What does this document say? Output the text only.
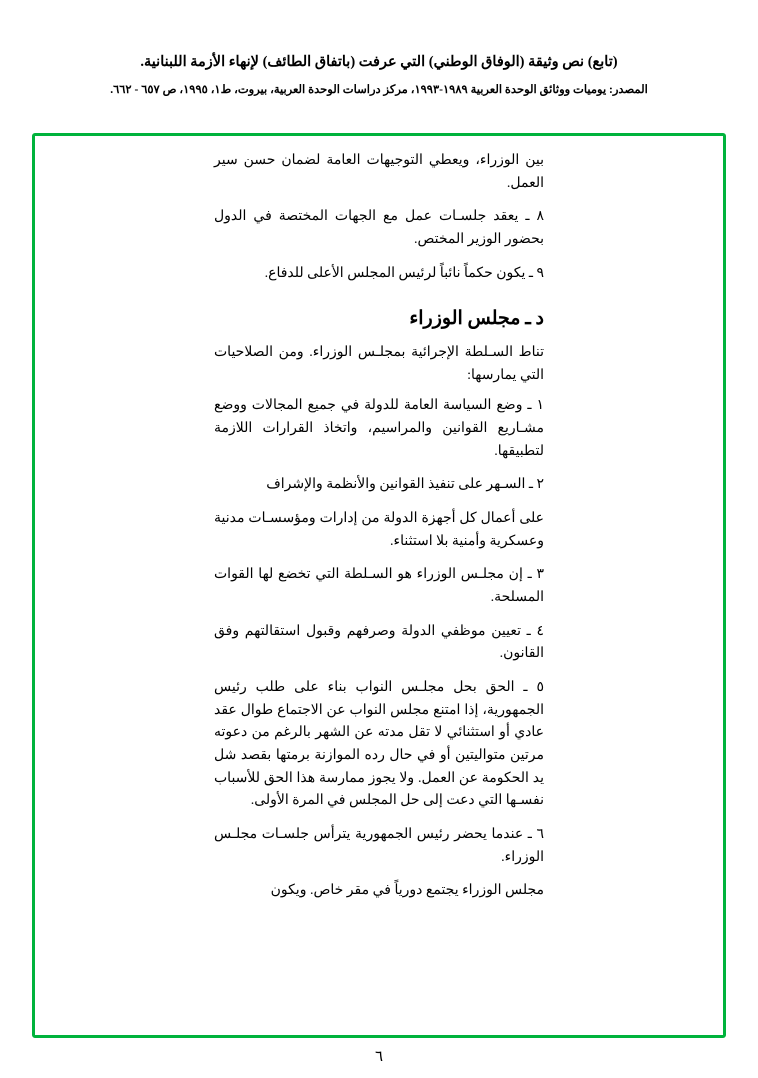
(تابع) نص وثيقة (الوفاق الوطني) التي عرفت (باتفاق الطائف) لإنهاء الأزمة اللبنانية.
المصدر: يوميات ووثائق الوحدة العربية ١٩٨٩-١٩٩٣، مركز دراسات الوحدة العربية، بيروت، ط١، ١٩٩٥، ص ٦٥٧ - ٦٦٢.

بين الوزراء، ويعطي التوجيهات العامة لضمان حسن سير العمل.

٨ ـ يعقد جلسـات عمل مع الجهات المختصة في الدول بحضور الوزير المختص.

٩ ـ يكون حكماً نائباً لرئيس المجلس الأعلى للدفاع.

د ـ مجلس الوزراء

تناط السـلطة الإجرائية بمجلـس الوزراء. ومن الصلاحيات التي يمارسها:

١ ـ وضع السياسة العامة للدولة في جميع المجالات ووضع مشـاريع القوانين والمراسيم، واتخاذ القرارات اللازمة لتطبيقها.

٢ ـ السـهر على تنفيذ القوانين والأنظمة والإشراف

على أعمال كل أجهزة الدولة من إدارات ومؤسسـات مدنية وعسكرية وأمنية بلا استثناء.

٣ ـ إن مجلـس الوزراء هو السـلطة التي تخضع لها القوات المسلحة.

٤ ـ تعيين موظفي الدولة وصرفهم وقبول استقالتهم وفق القانون.

٥ ـ الحق بحل مجلـس النواب بناء على طلب رئيس الجمهورية، إذا امتنع مجلس النواب عن الاجتماع طوال عقد عادي أو استثنائي لا تقل مدته عن الشهر بالرغم من دعوته مرتين متواليتين أو في حال رده الموازنة برمتها بقصد شل يد الحكومة عن العمل. ولا يجوز ممارسة هذا الحق للأسباب نفسـها التي دعت إلى حل المجلس في المرة الأولى.

٦ ـ عندما يحضر رئيس الجمهورية يترأس جلسـات مجلـس الوزراء.

مجلس الوزراء يجتمع دورياً في مقر خاص. ويكون

٦
